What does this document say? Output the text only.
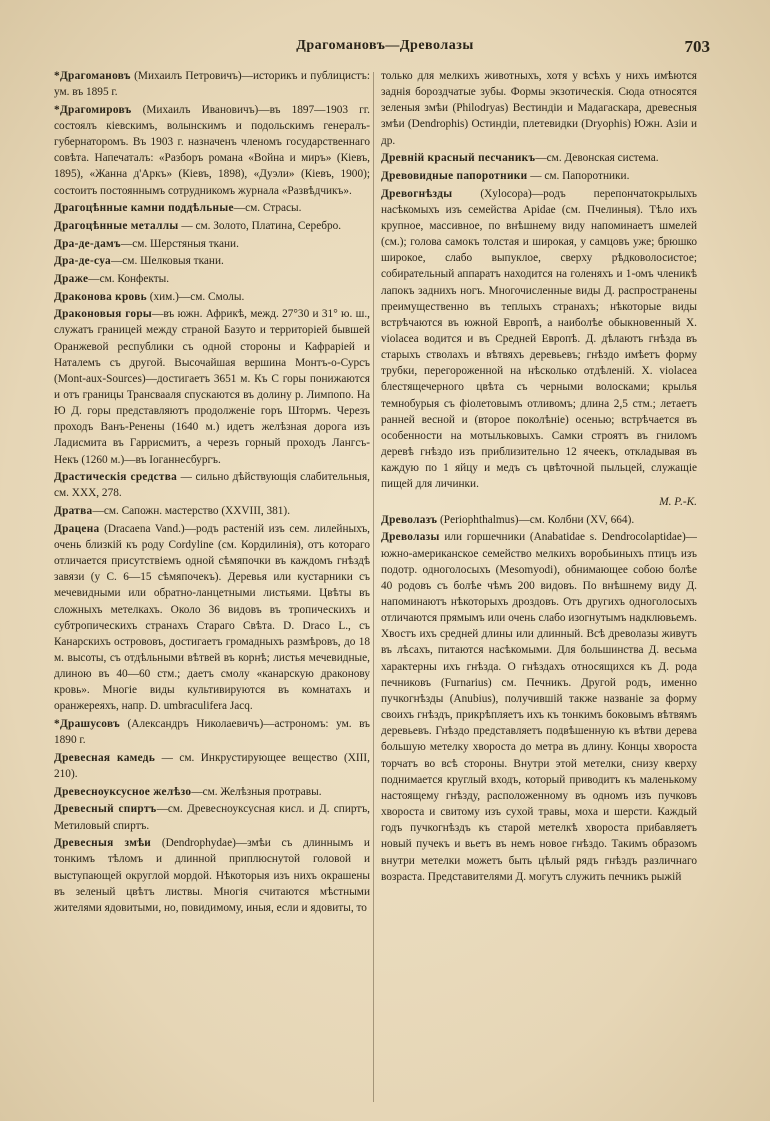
Драгомановъ—Древолазы	703

*Драгомановъ (Михаилъ Петровичъ)—историкъ и публицистъ: ум. въ 1895 г.

*Драгомировъ (Михаилъ Ивановичъ)—въ 1897—1903 гг. состоялъ кіевскимъ, волынскимъ и подольскимъ генералъ-губернаторомъ. Въ 1903 г. назначенъ членомъ государственнаго совѣта. Напечаталъ: «Разборъ романа «Война и миръ» (Кіевъ, 1895), «Жанна д'Аркъ» (Кіевъ, 1898), «Дуэли» (Кіевъ, 1900); состоитъ постояннымъ сотрудникомъ журнала «Развѣдчикъ».

Драгоцѣнные камни поддѣльные—см. Страсы.

Драгоцѣнные металлы — см. Золото, Платина, Серебро.

Дра-де-дамъ—см. Шерстяныя ткани.

Дра-де-суа—см. Шелковыя ткани.

Драже—см. Конфекты.

Драконова кровь (хим.)—см. Смолы.

Драконовыя горы—въ южн. Африкѣ, межд. 27°30 и 31° ю. ш., служатъ границей между страной Базуто и территоріей бывшей Оранжевой республики съ одной стороны и Кафраріей и Наталемъ съ другой. Высочайшая вершина Монтъ-о-Сурсъ (Mont-aux-Sources)—достигаетъ 3651 м. Къ С горы понижаются и отъ границы Трансвааля спускаются въ долину р. Лимпопо. На Ю Д. горы представляютъ продолженіе горъ Штормъ. Черезъ проходъ Ванъ-Ренены (1640 м.) идетъ желѣзная дорога изъ Ладисмита въ Гаррисмитъ, а черезъ горный проходъ Лангсъ-Некъ (1260 м.)—въ Іоганнесбургъ.

Драстическія средства — сильно дѣйствующія слабительныя, см. XXX, 278.

Дратва—см. Сапожн. мастерство (XXVIII, 381).

Драцена (Dracaena Vand.)—родъ растеній изъ сем. лилейныхъ, очень близкій къ роду Cordyline (см. Кордилинія), отъ котораго отличается присутствіемъ одной сѣмяпочки въ каждомъ гнѣздѣ завязи (у С. 6—15 сѣмяпочекъ). Деревья или кустарники съ мечевидными или обратно-ланцетными листьями. Цвѣты въ сложныхъ метелкахъ. Около 36 видовъ въ тропическихъ и субтропическихъ странахъ Стараго Свѣта. D. Draco L., съ Канарскихъ острововъ, достигаетъ громадныхъ размѣровъ, до 18 м. высоты, съ отдѣльными вѣтвей въ корнѣ; листья мечевидные, длиною въ 40—60 стм.; даетъ смолу «канарскую драконову кровь». Многіе виды культивируются въ комнатахъ и оранжереяхъ, напр. D. umbraculifera Jacq.

*Драшусовъ (Александръ Николаевичъ)—астрономъ: ум. въ 1890 г.

Древесная камедь — см. Инкрустирующее вещество (XIII, 210).

Древесноуксусное желѣзо—см. Желѣзныя протравы.

Древесный спиртъ—см. Древесноуксусная кисл. и Д. спиртъ, Метиловый спиртъ.

Древесныя змѣи (Dendrophydae)—змѣи съ длиннымъ и тонкимъ тѣломъ и длинной приплюснутой головой и выступающей округлой мордой. Нѣкоторыя изъ нихъ окрашены въ зеленый цвѣтъ листвы. Многія считаются мѣстными жителями ядовитыми, но, повидимому, иныя, если и ядовиты, то

только для мелкихъ животныхъ, хотя у всѣхъ у нихъ имѣются заднія бороздчатые зубы. Формы экзотическія. Сюда относятся зеленыя змѣи (Philodryas) Вестиндіи и Мадагаскара, древесныя змѣи (Dendrophis) Остиндіи, плетевидки (Dryophis) Южн. Азіи и др.

Древній красный песчаникъ—см. Девонская система.

Древовидные папоротники — см. Папоротники.

Древогнѣзды (Xylocopa)—родъ перепончатокрылыхъ насѣкомыхъ изъ семейства Apidae (см. Пчелиныя). Тѣло ихъ крупное, массивное, по внѣшнему виду напоминаетъ шмелей (см.); голова самокъ толстая и широкая, у самцовъ уже; брюшко широкое, слабо выпуклое, сверху рѣдковолосистое; собирательный аппаратъ находится на голеняхъ и 1-омъ членикѣ лапокъ заднихъ ногъ. Многочисленные виды Д. распространены преимущественно въ теплыхъ странахъ; нѣкоторые виды встрѣчаются въ южной Европѣ, а наиболѣе обыкновенный X. violacea водится и въ Средней Европѣ. Д. дѣлаютъ гнѣзда въ старыхъ стволахъ и вѣтвяхъ деревьевъ; гнѣздо имѣетъ форму трубки, перегороженной на нѣсколько отдѣленій. X. violacea блестящечерного цвѣта съ черными волосками; крылья темнобурыя съ фіолетовымъ отливомъ; длина 2,5 стм.; летаетъ ранней весной и (второе поколѣніе) осенью; встрѣчается въ особенности на мотыльковыхъ. Самки строятъ въ гниломъ деревѣ гнѣздо изъ приблизительно 12 ячеекъ, откладывая въ каждую по 1 яйцу и медъ съ цвѣточной пыльцей, служащіе пищей для личинки.

М. Р.-К.

Древолазъ (Periophthalmus)—см. Колбни (XV, 664).

Древолазы или горшечники (Anabatidae s. Dendrocolaptidae)—южно-американское семейство мелкихъ воробьиныхъ птицъ изъ подотр. одноголосыхъ (Mesomyodi), обнимающее собою болѣе 40 родовъ съ болѣе чѣмъ 200 видовъ. По внѣшнему виду Д. напоминаютъ нѣкоторыхъ дроздовъ. Отъ другихъ одноголосыхъ отличаются прямымъ или очень слабо изогнутымъ надклювьемъ. Хвостъ ихъ средней длины или длинный. Всѣ древолазы живутъ въ лѣсахъ, питаются насѣкомыми. Для большинства Д. весьма характерны ихъ гнѣзда. О гнѣздахъ относящихся къ Д. рода печниковъ (Furnarius) см. Печникъ. Другой родъ, именно пучкогнѣзды (Anubius), получившій также названіе за форму своихъ гнѣздъ, прикрѣпляетъ ихъ къ тонкимъ боковымъ вѣтвямъ деревьевъ. Гнѣздо представляетъ подвѣшенную къ вѣтви дерева большую метелку хвороста до метра въ длину. Концы хвороста торчатъ во всѣ стороны. Внутри этой метелки, снизу кверху поднимается круглый входъ, который приводитъ къ маленькому настоящему гнѣзду, расположенному въ одномъ изъ пучковъ хвороста и свитому изъ сухой травы, моха и шерсти. Каждый годъ пучкогнѣздъ къ старой метелкѣ хвороста прибавляетъ новый пучекъ и вьетъ въ немъ новое гнѣздо. Такимъ образомъ внутри метелки можетъ быть цѣлый рядъ гнѣздъ различнаго возраста. Представителями Д. могутъ служить печникъ рыжій
